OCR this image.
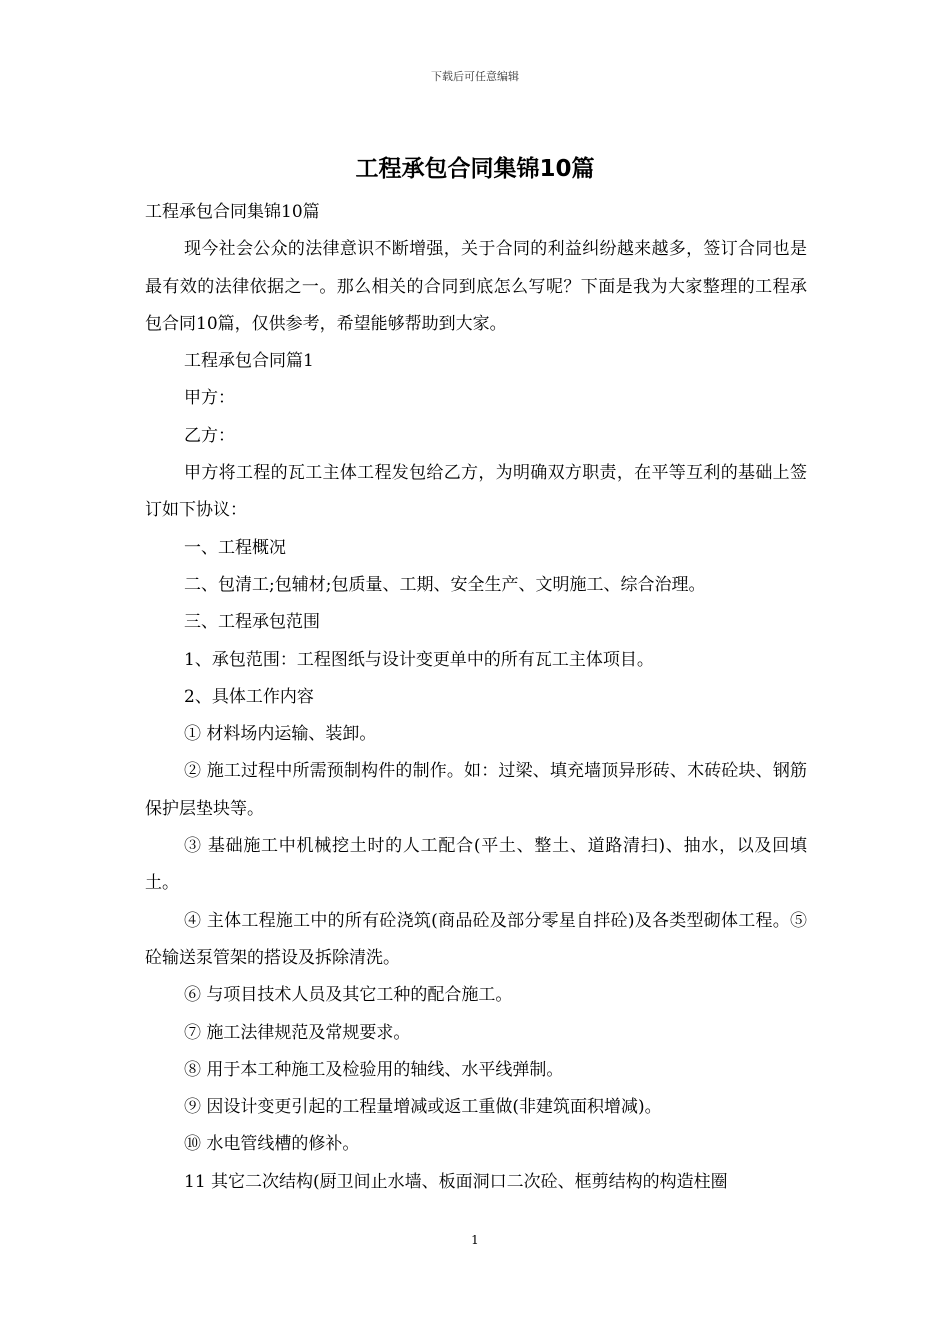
下载后可任意编辑
工程承包合同集锦10篇

工程承包合同集锦10篇

现今社会公众的法律意识不断增强，关于合同的利益纠纷越来越多，签订合同也是最有效的法律依据之一。那么相关的合同到底怎么写呢？下面是我为大家整理的工程承包合同10篇，仅供参考，希望能够帮助到大家。

工程承包合同篇1

甲方：

乙方：

甲方将工程的瓦工主体工程发包给乙方，为明确双方职责，在平等互利的基础上签订如下协议：

一、工程概况

二、包清工;包辅材;包质量、工期、安全生产、文明施工、综合治理。

三、工程承包范围

1、承包范围：工程图纸与设计变更单中的所有瓦工主体项目。

2、具体工作内容

① 材料场内运输、装卸。

② 施工过程中所需预制构件的制作。如：过梁、填充墙顶异形砖、木砖砼块、钢筋保护层垫块等。

③ 基础施工中机械挖土时的人工配合(平土、整土、道路清扫)、抽水，以及回填土。

④ 主体工程施工中的所有砼浇筑(商品砼及部分零星自拌砼)及各类型砌体工程。⑤砼输送泵管架的搭设及拆除清洗。

⑥ 与项目技术人员及其它工种的配合施工。

⑦ 施工法律规范及常规要求。

⑧ 用于本工种施工及检验用的轴线、水平线弹制。

⑨ 因设计变更引起的工程量增减或返工重做(非建筑面积增减)。

⑩ 水电管线槽的修补。

11 其它二次结构(厨卫间止水墙、板面洞口二次砼、框剪结构的构造柱圈

1
